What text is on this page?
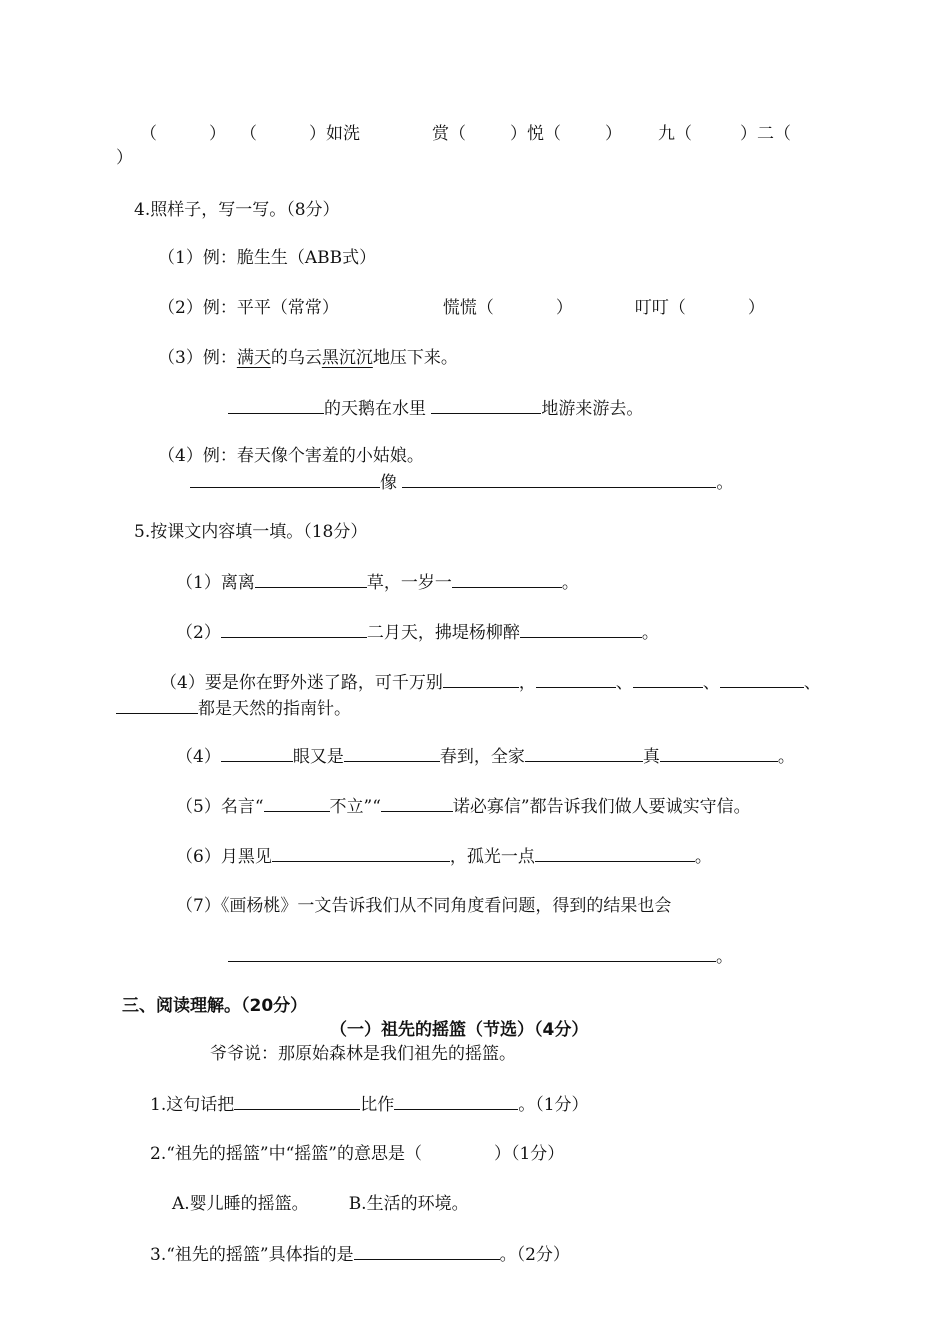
（	） （	）如洗	赏（	）悦（	） 九（	）二（
）
4.照样子，写一写。（8分）
（1）例：脆生生（ABB式）
（2）例：平平（常常）	慌慌（	）	叮叮（	）
（3）例：满天的乌云黑沉沉地压下来。
的天鹅在水里	地游来游去。
（4）例：春天像个害羞的小姑娘。
像	。
5.按课文内容填一填。（18分）
（1）离离	草，一岁一	。
（2）	二月天，拂堤杨柳醉	。
（4）要是你在野外迷了路，可千万别	，	、	、	、
都是天然的指南针。
（4）	眼又是	春到，全家	真	。
（5）名言“	不立”“	诺必寡信”都告诉我们做人要诚实守信。
（6）月黑见	，孤光一点	。
（7）《画杨桃》一文告诉我们从不同角度看问题，得到的结果也会
。
三、阅读理解。（20分）
（一）祖先的摇篮（节选）（4分）
爷爷说：那原始森林是我们祖先的摇篮。
1.这句话把	比作	。（1分）
2.“祖先的摇篮”中“摇篮”的意思是（	）（1分）
A.婴儿睡的摇篮。 B.生活的环境。
3.“祖先的摇篮”具体指的是	。（2分）
